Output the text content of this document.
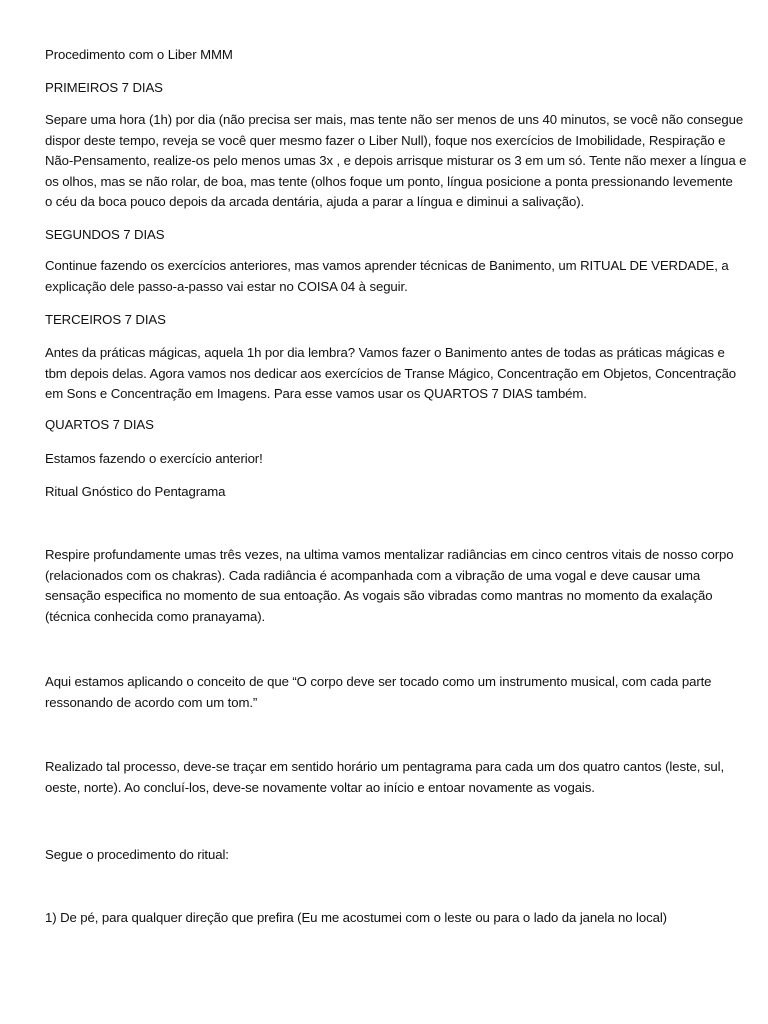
Procedimento com o Liber MMM
PRIMEIROS 7 DIAS
Separe uma hora (1h) por dia (não precisa ser mais, mas tente não ser menos de uns 40 minutos, se você não consegue
dispor deste tempo, reveja se você quer mesmo fazer o Liber Null), foque nos exercícios de Imobilidade, Respiração e
Não-Pensamento, realize-os pelo menos umas 3x , e depois arrisque misturar os 3 em um só. Tente não mexer a língua e
os olhos, mas se não rolar, de boa, mas tente (olhos foque um ponto, língua posicione a ponta pressionando levemente
o céu da boca pouco depois da arcada dentária, ajuda a parar a língua e diminui a salivação).
SEGUNDOS 7 DIAS
Continue fazendo os exercícios anteriores, mas vamos aprender técnicas de Banimento, um RITUAL DE VERDADE, a
explicação dele passo-a-passo vai estar no COISA 04 à seguir.
TERCEIROS 7 DIAS
Antes da práticas mágicas, aquela 1h por dia lembra? Vamos fazer o Banimento antes de todas as práticas mágicas e
tbm depois delas. Agora vamos nos dedicar aos exercícios de Transe Mágico, Concentração em Objetos, Concentração
em Sons e Concentração em Imagens. Para esse vamos usar os QUARTOS 7 DIAS também.
QUARTOS 7 DIAS
Estamos fazendo o exercício anterior!
Ritual Gnóstico do Pentagrama
Respire profundamente umas três vezes, na ultima vamos mentalizar radiâncias em cinco centros vitais de nosso corpo
(relacionados com os chakras). Cada radiância é acompanhada com a vibração de uma vogal e deve causar uma
sensação especifica no momento de sua entoação. As vogais são vibradas como mantras no momento da exalação
(técnica conhecida como pranayama).
Aqui estamos aplicando o conceito de que “O corpo deve ser tocado como um instrumento musical, com cada parte
ressonando de acordo com um tom.”
Realizado tal processo, deve-se traçar em sentido horário um pentagrama para cada um dos quatro cantos (leste, sul,
oeste, norte). Ao concluí-los, deve-se novamente voltar ao início e entoar novamente as vogais.
Segue o procedimento do ritual:
1) De pé, para qualquer direção que prefira (Eu me acostumei com o leste ou para o lado da janela no local)
